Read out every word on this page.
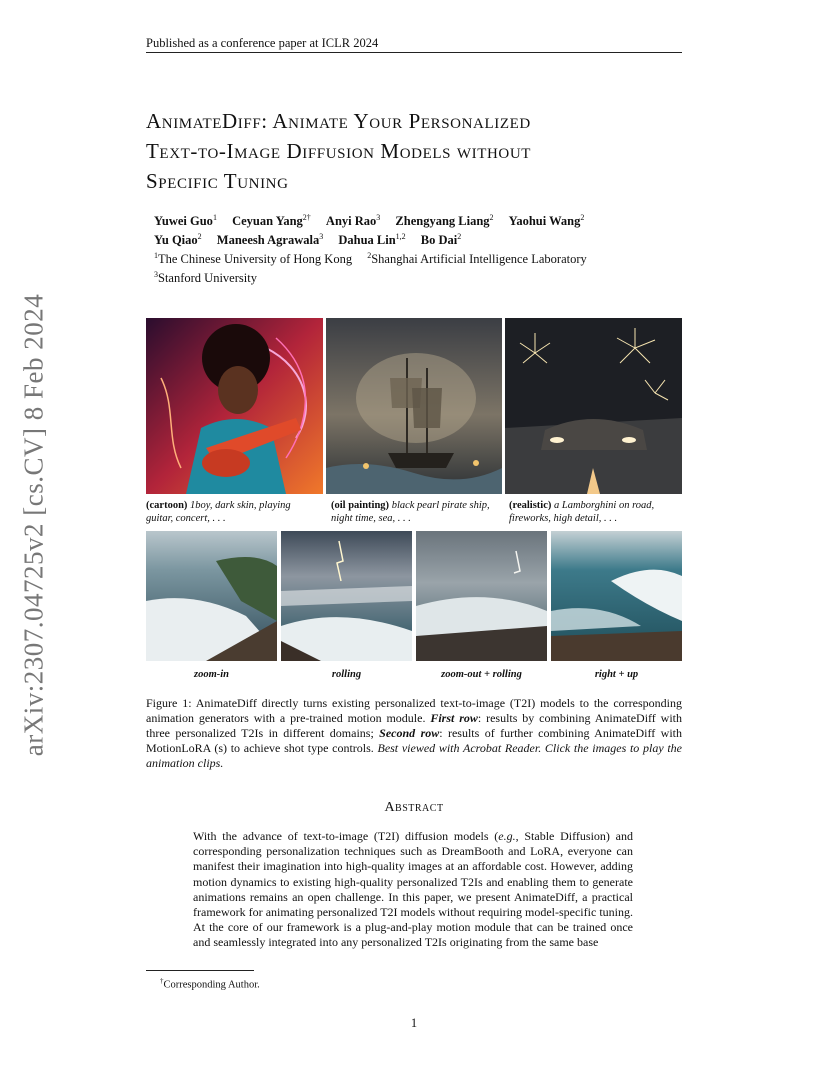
Published as a conference paper at ICLR 2024
arXiv:2307.04725v2 [cs.CV] 8 Feb 2024
AnimateDiff: Animate Your Personalized
Text-to-Image Diffusion Models without
Specific Tuning
Yuwei Guo$^1$ Ceyuan Yang$^{2\dagger}$ Anyi Rao$^3$ Zhengyang Liang$^2$ Yaohui Wang$^2$
Yu Qiao$^2$ Maneesh Agrawala$^3$ Dahua Lin$^{1,2}$ Bo Dai$^2$
$^1$The Chinese University of Hong Kong $^2$Shanghai Artificial Intelligence Laboratory
$^3$Stanford University
(cartoon) 1boy, dark skin, playing guitar, concert, . . .
(oil painting) black pearl pirate ship, night time, sea, . . .
(realistic) a Lamborghini on road, fireworks, high detail, . . .
zoom-in	rolling	zoom-out + rolling	right + up
Figure 1: AnimateDiff directly turns existing personalized text-to-image (T2I) models to the corresponding animation generators with a pre-trained motion module. First row: results by combining AnimateDiff with three personalized T2Is in different domains; Second row: results of further combining AnimateDiff with MotionLoRA (s) to achieve shot type controls. Best viewed with Acrobat Reader. Click the images to play the animation clips.
Abstract
With the advance of text-to-image (T2I) diffusion models (e.g., Stable Diffusion) and corresponding personalization techniques such as DreamBooth and LoRA, everyone can manifest their imagination into high-quality images at an affordable cost. However, adding motion dynamics to existing high-quality personalized T2Is and enabling them to generate animations remains an open challenge. In this paper, we present AnimateDiff, a practical framework for animating personalized T2I models without requiring model-specific tuning. At the core of our framework is a plug-and-play motion module that can be trained once and seamlessly integrated into any personalized T2Is originating from the same base
†Corresponding Author.
1
